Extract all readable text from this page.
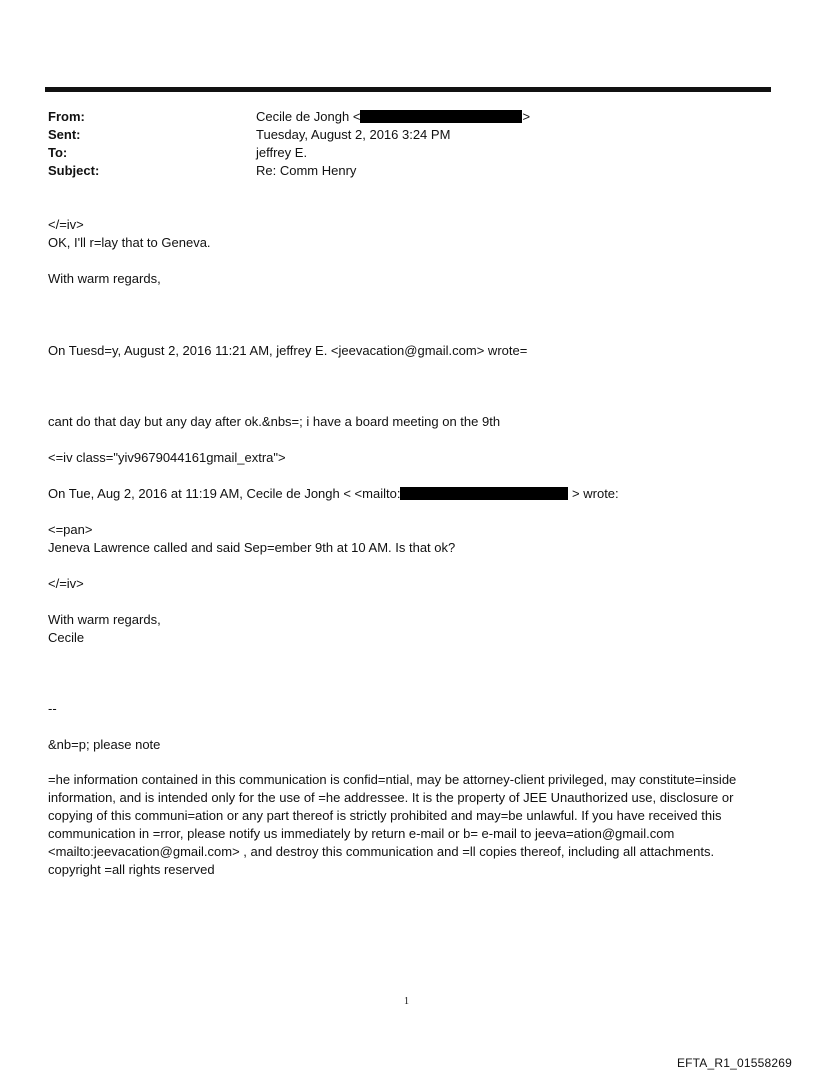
From:
Sent:
To:
Subject:
Cecile de Jongh <	>
Tuesday, August 2, 2016 3:24 PM
jeffrey E.
Re: Comm Henry
</=iv>
OK, I'll r=lay that to Geneva.
With warm regards,
On Tuesd=y, August 2, 2016 11:21 AM, jeffrey E. <jeevacation@gmail.com> wrote=
cant do that day but any day after ok.&nbs=; i have a board meeting on the 9th
<=iv class="yiv9679044161gmail_extra">
On Tue, Aug 2, 2016 at 11:19 AM, Cecile de Jongh < <mailto:	> wrote:
<=pan>
Jeneva Lawrence called and said Sep=ember 9th at 10 AM. Is that ok?
</=iv>
With warm regards,
Cecile
--
&nb=p; please note
=he information contained in this communication is confid=ntial, may be attorney-client privileged, may constitute=inside information, and is intended only for the use of =he addressee. It is the property of JEE Unauthorized use, disclosure or copying of this communi=ation or any part thereof is strictly prohibited and may=be unlawful. If you have received this communication in =rror, please notify us immediately by return e-mail or b= e-mail to jeeva=ation@gmail.com <mailto:jeevacation@gmail.com> , and destroy this communication and =ll copies thereof, including all attachments. copyright =all rights reserved
1
EFTA_R1_01558269
